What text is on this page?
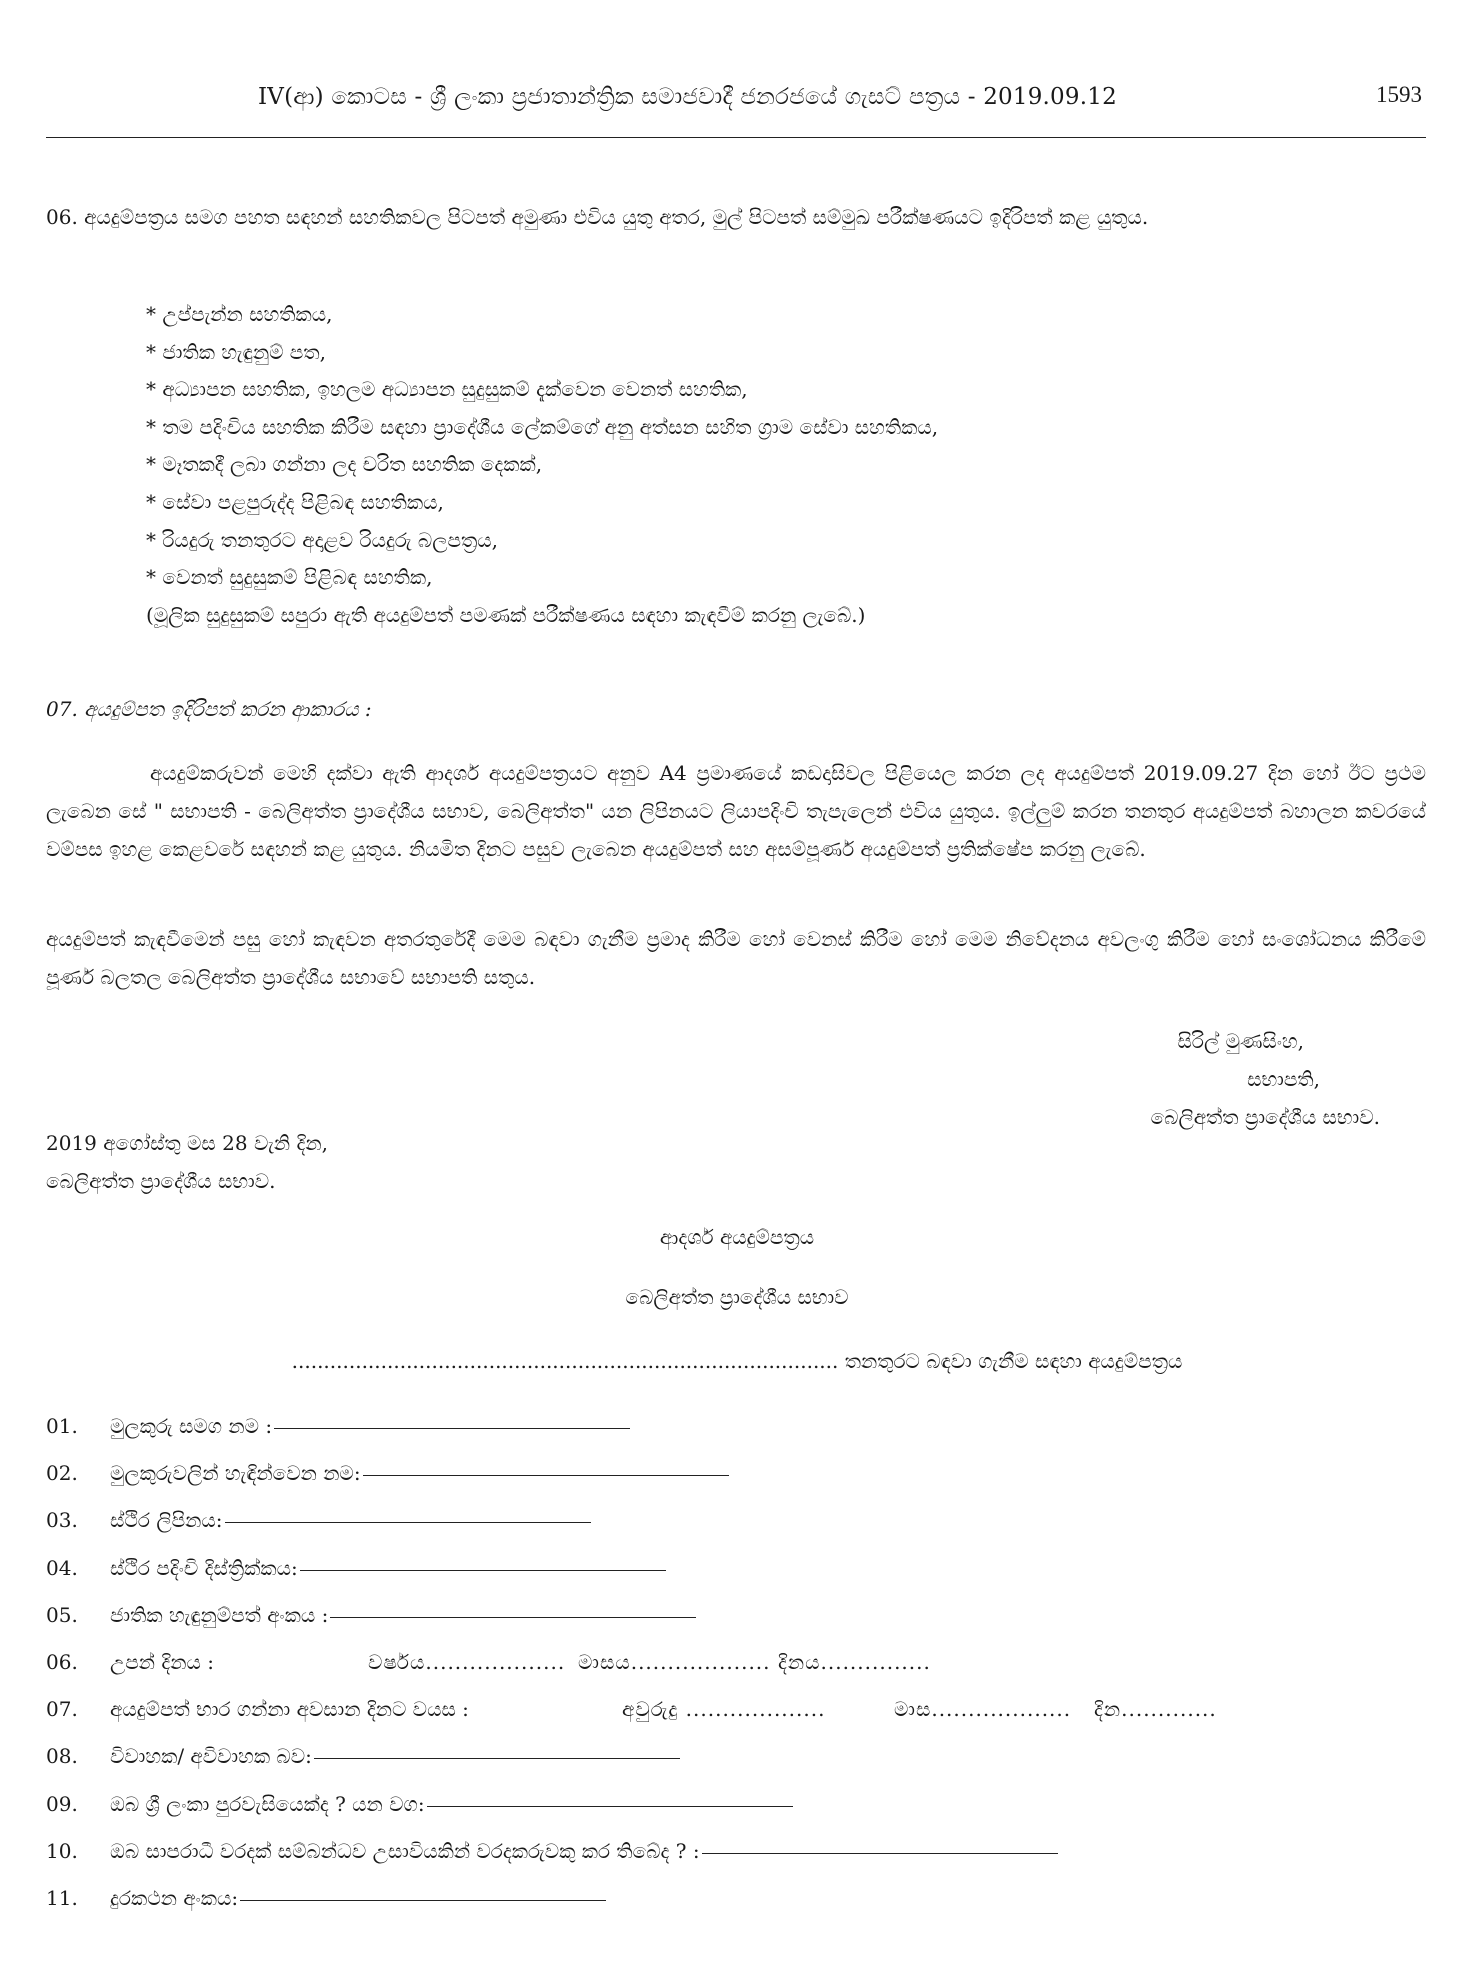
IV(ආ) කොටස - ශ්‍රී ලංකා ප්‍රජාතාන්ත්‍රික සමාජවාදී ජනරජයේ ගැසට් පත්‍රය - 2019.09.12	1593
06. අයදුම්පත්‍රය සමග පහත සඳහන් සහතිකවල පිටපත් අමුණා එවිය යුතු අතර, මුල් පිටපත් සම්මුඛ පරීක්ෂණයට ඉදිරිපත් කළ යුතුය.
* උප්පැන්න සහතිකය,
* ජාතික හැඳුනුම් පත,
* අධ්‍යාපන සහතික, ඉහලම අධ්‍යාපන සුදුසුකම් දැක්වෙන වෙනත් සහතික,
* තම පදිංචිය සහතික කිරීම සඳහා ප්‍රාදේශීය ලේකම්ගේ අනු අත්සන සහිත ග්‍රාම සේවා සහතිකය,
* මෑතකදී ලබා ගන්නා ලද චරිත සහතික දෙකක්,
* සේවා පළපුරුද්ද පිළිබඳ සහතිකය,
* රියදුරු තනතුරට අදාළව රියදුරු බලපත්‍රය,
* වෙනත් සුදුසුකම් පිළිබඳ සහතික,
(මූලික සුදුසුකම් සපුරා ඇති අයදුම්පත් පමණක් පරීක්ෂණය සඳහා කැඳවීම් කරනු ලැබේ.)
07. අයදුම්පත ඉදිරිපත් කරන ආකාරය :
අයදුම්කරුවන් මෙහි දක්වා ඇති ආදර්ශ අයදුම්පත්‍රයට අනුව A4 ප්‍රමාණයේ කඩදාසිවල පිළියෙල කරන ලද අයදුම්පත් 2019.09.27 දින හෝ ඊට ප්‍රථම ලැබෙන සේ " සභාපති - බෙලිඅත්ත ප්‍රාදේශීය සභාව, බෙලිඅත්ත" යන ලිපිනයට ලියාපදිංචි තැපැලෙන් එවිය යුතුය. ඉල්ලුම් කරන තනතුර අයදුම්පත් බහාලන කවරයේ වම්පස ඉහළ කෙළවරේ සඳහන් කළ යුතුය. නියමිත දිනට පසුව ලැබෙන අයදුම්පත් සහ අසම්පූර්ණ අයදුම්පත් ප්‍රතික්ෂේප කරනු ලැබේ.
අයදුම්පත් කැඳවීමෙන් පසු හෝ කැඳවන අතරතුරේදී මෙම බඳවා ගැනීම ප්‍රමාද කිරීම හෝ වෙනස් කිරීම හෝ මෙම නිවේදනය අවලංගු කිරීම හෝ සංශෝධනය කිරීමේ පූර්ණ බලතල බෙලිඅත්ත ප්‍රාදේශීය සභාවේ සභාපති සතුය.
සිරිල් මුණසිංහ,
සභාපති,
බෙලිඅත්ත ප්‍රාදේශීය සභාව.
2019 අගෝස්තු මස 28 වැනි දින,
බෙලිඅත්ත ප්‍රාදේශීය සභාව.
ආදර්ශ අයදුම්පත්‍රය
බෙලිඅත්ත ප්‍රාදේශීය සභාව
...................................................................................... තනතුරට බඳවා ගැනීම සඳහා අයදුම්පත්‍රය
01.	මුලකුරු සමග නම :
02.	මුලකුරුවලින් හැඳින්වෙන නම:
03.	ස්ථිර ලිපිනය:
04.	ස්ථිර පදිංචි දිස්ත්‍රික්කය:
05.	ජාතික හැඳුනුම්පත් අංකය :
06.	උපන් දිනය :	වර්ෂය................... මාසය................... දිනය...............
07.	අයදුම්පත් භාර ගන්නා අවසාන දිනට වයස :	අවුරුදු ...................	මාස...................	දින.............
08.	විවාහක/ අවිවාහක බව:
09.	ඔබ ශ්‍රී ලංකා පුරවැසියෙක්ද ? යන වග:
10.	ඔබ සාපරාධී වරදක් සම්බන්ධව උසාවියකින් වරදකරුවකු කර තිබේද ? :
11.	දුරකථන අංකය:
